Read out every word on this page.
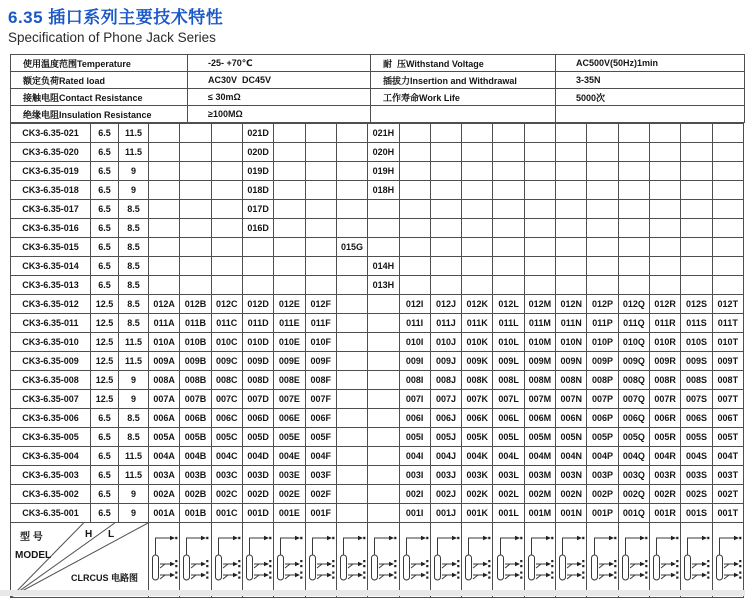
6.35 插口系列主要技术特性
Specification of Phone Jack Series
使用温度范围Temperature	-25- +70℃	耐  压Withstand Voltage	AC500V(50Hz)1min
额定负荷Rated load	AC30V  DC45V	插拔力Insertion and Withdrawal	3-35N
接触电阻Contact Resistance	≤ 30mΩ	工作寿命Work Life	5000次
绝缘电阻Insulation Resistance	≥100MΩ		
CK3-6.35-021	6.5	11.5				021D				021H											
CK3-6.35-020	6.5	11.5				020D				020H											
CK3-6.35-019	6.5	9				019D				019H											
CK3-6.35-018	6.5	9				018D				018H											
CK3-6.35-017	6.5	8.5				017D															
CK3-6.35-016	6.5	8.5				016D															
CK3-6.35-015	6.5	8.5							015G												
CK3-6.35-014	6.5	8.5								014H											
CK3-6.35-013	6.5	8.5								013H											
CK3-6.35-012	12.5	8.5	012A	012B	012C	012D	012E	012F			012I	012J	012K	012L	012M	012N	012P	012Q	012R	012S	012T
CK3-6.35-011	12.5	8.5	011A	011B	011C	011D	011E	011F			011I	011J	011K	011L	011M	011N	011P	011Q	011R	011S	011T
CK3-6.35-010	12.5	11.5	010A	010B	010C	010D	010E	010F			010I	010J	010K	010L	010M	010N	010P	010Q	010R	010S	010T
CK3-6.35-009	12.5	11.5	009A	009B	009C	009D	009E	009F			009I	009J	009K	009L	009M	009N	009P	009Q	009R	009S	009T
CK3-6.35-008	12.5	9	008A	008B	008C	008D	008E	008F			008I	008J	008K	008L	008M	008N	008P	008Q	008R	008S	008T
CK3-6.35-007	12.5	9	007A	007B	007C	007D	007E	007F			007I	007J	007K	007L	007M	007N	007P	007Q	007R	007S	007T
CK3-6.35-006	6.5	8.5	006A	006B	006C	006D	006E	006F			006I	006J	006K	006L	006M	006N	006P	006Q	006R	006S	006T
CK3-6.35-005	6.5	8.5	005A	005B	005C	005D	005E	005F			005I	005J	005K	005L	005M	005N	005P	005Q	005R	005S	005T
CK3-6.35-004	6.5	11.5	004A	004B	004C	004D	004E	004F			004I	004J	004K	004L	004M	004N	004P	004Q	004R	004S	004T
CK3-6.35-003	6.5	11.5	003A	003B	003C	003D	003E	003F			003I	003J	003K	003L	003M	003N	003P	003Q	003R	003S	003T
CK3-6.35-002	6.5	9	002A	002B	002C	002D	002E	002F			002I	002J	002K	002L	002M	002N	002P	002Q	002R	002S	002T
CK3-6.35-001	6.5	9	001A	001B	001C	001D	001E	001F			001I	001J	001K	001L	001M	001N	001P	001Q	001R	001S	001T

型 号
MODEL
H L
CLRCUS 电路图
